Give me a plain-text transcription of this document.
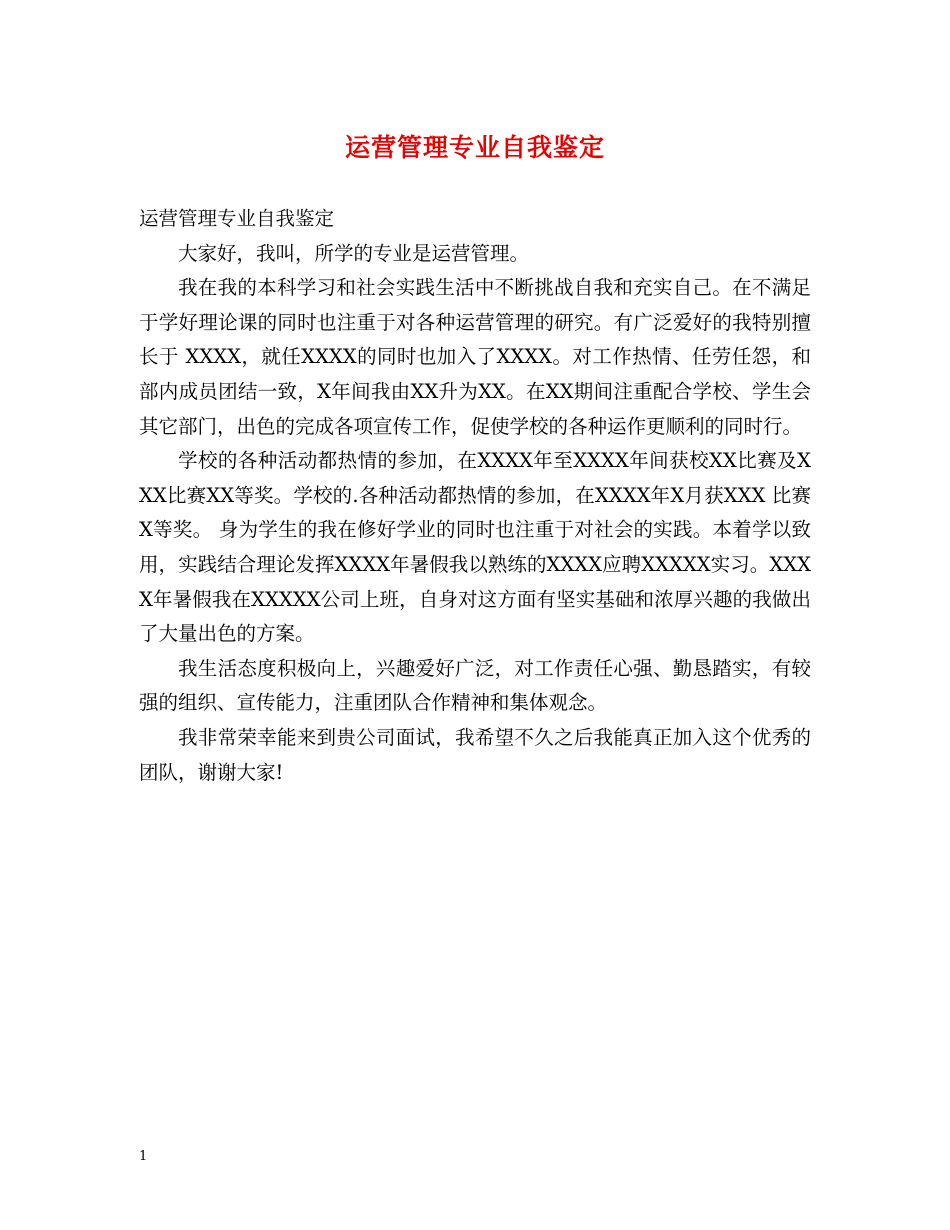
运营管理专业自我鉴定

运营管理专业自我鉴定

大家好，我叫，所学的专业是运营管理。

我在我的本科学习和社会实践生活中不断挑战自我和充实自己。在不满足于学好理论课的同时也注重于对各种运营管理的研究。有广泛爱好的我特别擅长于 XXXX，就任XXXX的同时也加入了XXXX。对工作热情、任劳任怨，和部内成员团结一致，X年间我由XX升为XX。在XX期间注重配合学校、学生会其它部门，出色的完成各项宣传工作，促使学校的各种运作更顺利的同时行。

学校的各种活动都热情的参加，在XXXX年至XXXX年间获校XX比赛及XXX比赛XX等奖。学校的.各种活动都热情的参加，在XXXX年X月获XXX 比赛X等奖。 身为学生的我在修好学业的同时也注重于对社会的实践。本着学以致用，实践结合理论发挥XXXX年暑假我以熟练的XXXX应聘XXXXX实习。XXXX年暑假我在XXXXX公司上班，自身对这方面有坚实基础和浓厚兴趣的我做出了大量出色的方案。

我生活态度积极向上，兴趣爱好广泛，对工作责任心强、勤恳踏实，有较强的组织、宣传能力，注重团队合作精神和集体观念。

我非常荣幸能来到贵公司面试，我希望不久之后我能真正加入这个优秀的团队，谢谢大家!

1
